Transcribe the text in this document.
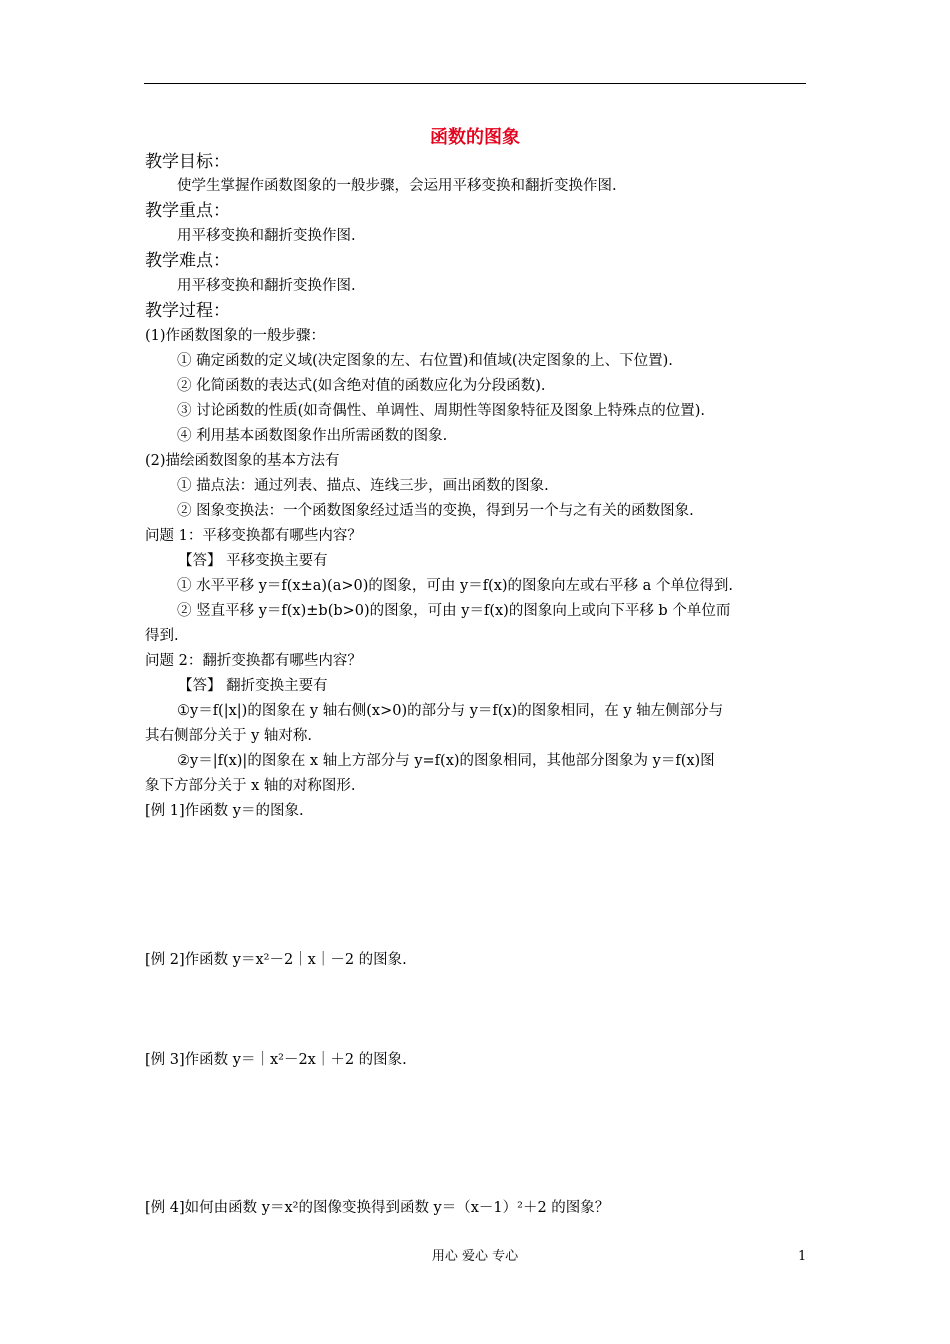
函数的图象
教学目标：
使学生掌握作函数图象的一般步骤，会运用平移变换和翻折变换作图.
教学重点：
用平移变换和翻折变换作图.
教学难点：
用平移变换和翻折变换作图.
教学过程：
(1)作函数图象的一般步骤：
① 确定函数的定义域(决定图象的左、右位置)和值域(决定图象的上、下位置).
② 化简函数的表达式(如含绝对值的函数应化为分段函数).
③ 讨论函数的性质(如奇偶性、单调性、周期性等图象特征及图象上特殊点的位置).
④ 利用基本函数图象作出所需函数的图象.
(2)描绘函数图象的基本方法有
① 描点法：通过列表、描点、连线三步，画出函数的图象.
② 图象变换法：一个函数图象经过适当的变换，得到另一个与之有关的函数图象.
问题 1：平移变换都有哪些内容？
【答】 平移变换主要有
① 水平平移 y＝f(x±a)(a>0)的图象，可由 y＝f(x)的图象向左或右平移 a 个单位得到.
② 竖直平移 y＝f(x)±b(b>0)的图象，可由 y＝f(x)的图象向上或向下平移 b 个单位而
得到.
问题 2：翻折变换都有哪些内容？
【答】 翻折变换主要有
①y＝f(|x|)的图象在 y 轴右侧(x>0)的部分与 y＝f(x)的图象相同，在 y 轴左侧部分与
其右侧部分关于 y 轴对称.
②y＝|f(x)|的图象在 x 轴上方部分与 y=f(x)的图象相同，其他部分图象为 y＝f(x)图
象下方部分关于 x 轴的对称图形.
[例 1]作函数 y＝的图象.
[例 2]作函数 y＝x²－2｜x｜－2 的图象.
[例 3]作函数 y＝｜x²－2x｜＋2 的图象.
[例 4]如何由函数 y＝x²的图像变换得到函数 y＝（x－1）²＋2 的图象？
用心 爱心 专心	1
